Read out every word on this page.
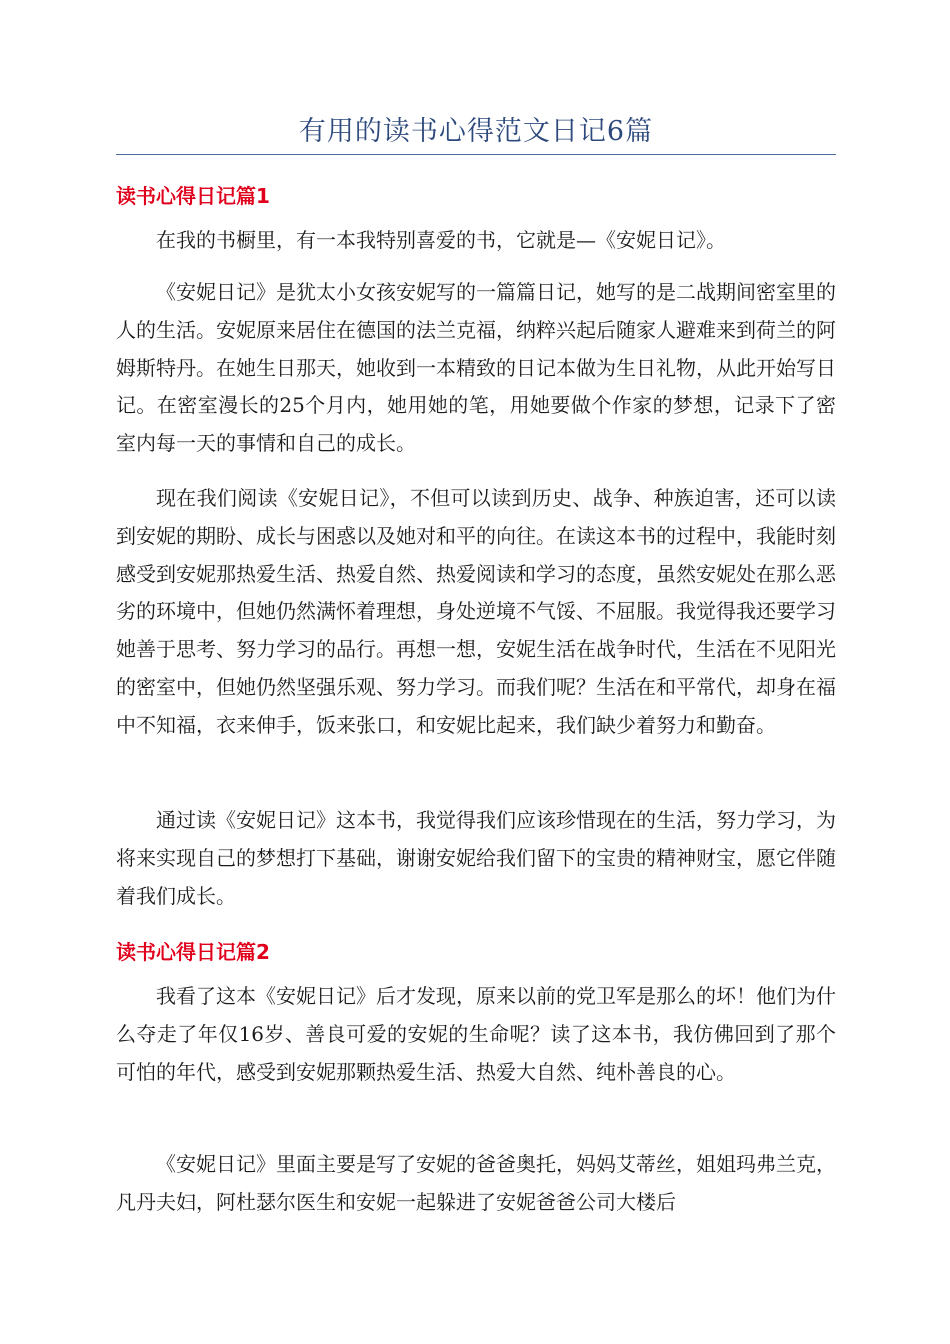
有用的读书心得范文日记6篇
读书心得日记篇1

在我的书橱里，有一本我特别喜爱的书，它就是—《安妮日记》。

《安妮日记》是犹太小女孩安妮写的一篇篇日记，她写的是二战期间密室里的人的生活。安妮原来居住在德国的法兰克福，纳粹兴起后随家人避难来到荷兰的阿姆斯特丹。在她生日那天，她收到一本精致的日记本做为生日礼物，从此开始写日记。在密室漫长的25个月内，她用她的笔，用她要做个作家的梦想，记录下了密室内每一天的事情和自己的成长。

现在我们阅读《安妮日记》，不但可以读到历史、战争、种族迫害，还可以读到安妮的期盼、成长与困惑以及她对和平的向往。在读这本书的过程中，我能时刻感受到安妮那热爱生活、热爱自然、热爱阅读和学习的态度，虽然安妮处在那么恶劣的环境中，但她仍然满怀着理想，身处逆境不气馁、不屈服。我觉得我还要学习她善于思考、努力学习的品行。再想一想，安妮生活在战争时代，生活在不见阳光的密室中，但她仍然坚强乐观、努力学习。而我们呢？生活在和平常代，却身在福中不知福，衣来伸手，饭来张口，和安妮比起来，我们缺少着努力和勤奋。

通过读《安妮日记》这本书，我觉得我们应该珍惜现在的生活，努力学习，为将来实现自己的梦想打下基础，谢谢安妮给我们留下的宝贵的精神财宝，愿它伴随着我们成长。

读书心得日记篇2

我看了这本《安妮日记》后才发现，原来以前的党卫军是那么的坏！他们为什么夺走了年仅16岁、善良可爱的安妮的生命呢？读了这本书，我仿佛回到了那个可怕的年代，感受到安妮那颗热爱生活、热爱大自然、纯朴善良的心。

《安妮日记》里面主要是写了安妮的爸爸奥托，妈妈艾蒂丝，姐姐玛弗兰克，凡丹夫妇，阿杜瑟尔医生和安妮一起躲进了安妮爸爸公司大楼后
